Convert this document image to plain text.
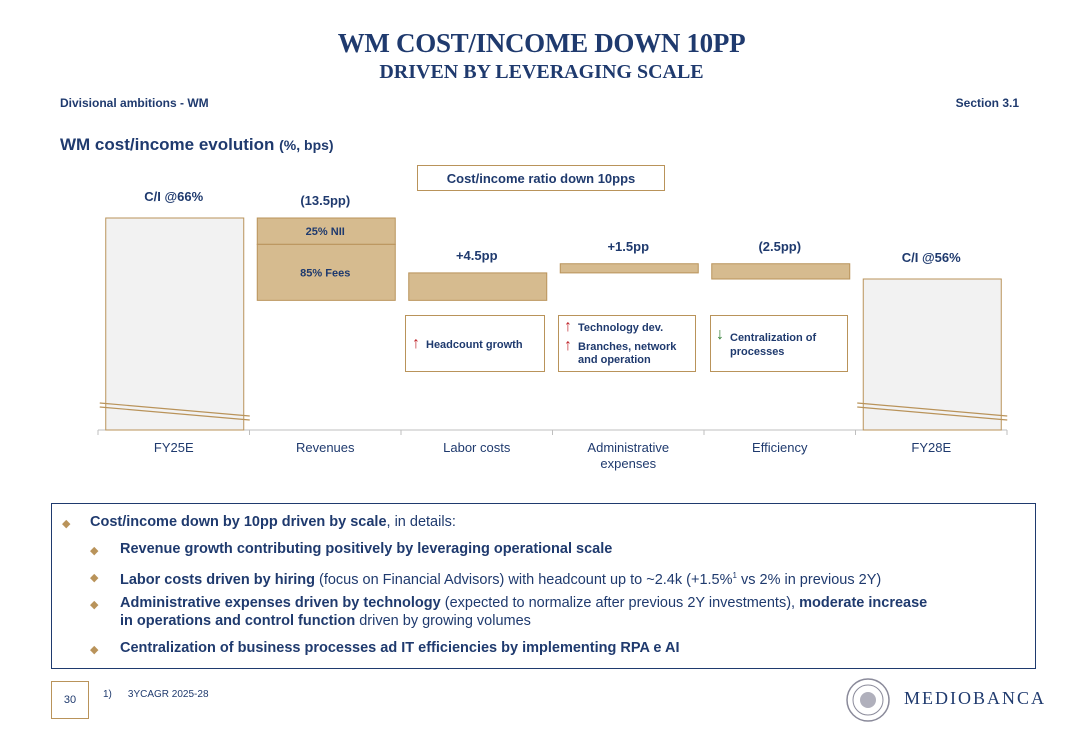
WM COST/INCOME DOWN 10PP
DRIVEN BY LEVERAGING SCALE
Divisional ambitions - WM	Section 3.1
WM cost/income evolution (%, bps)
C/I @66%
FY25E
25% NII
85% Fees
(13.5pp)
Revenues
+4.5pp
Labor costs
+1.5pp
Administrative
expenses
(2.5pp)
Efficiency
C/I @56%
FY28E
Cost/income ratio down 10pps
↑ Headcount growth
↑ Technology dev.
↑ Branches, network
and operation
↓ Centralization of
processes
◆ Cost/income down by 10pp driven by scale, in details:
◆ Revenue growth contributing positively by leveraging operational scale
◆ Labor costs driven by hiring (focus on Financial Advisors) with headcount up to ~2.4k (+1.5%$^1$ vs 2% in previous 2Y)
◆ Administrative expenses driven by technology (expected to normalize after previous 2Y investments), moderate increase
in operations and control function driven by growing volumes
◆ Centralization of business processes ad IT efficiencies by implementing RPA e AI
30	1) 3YCAGR 2025-28	MEDIOBANCA
